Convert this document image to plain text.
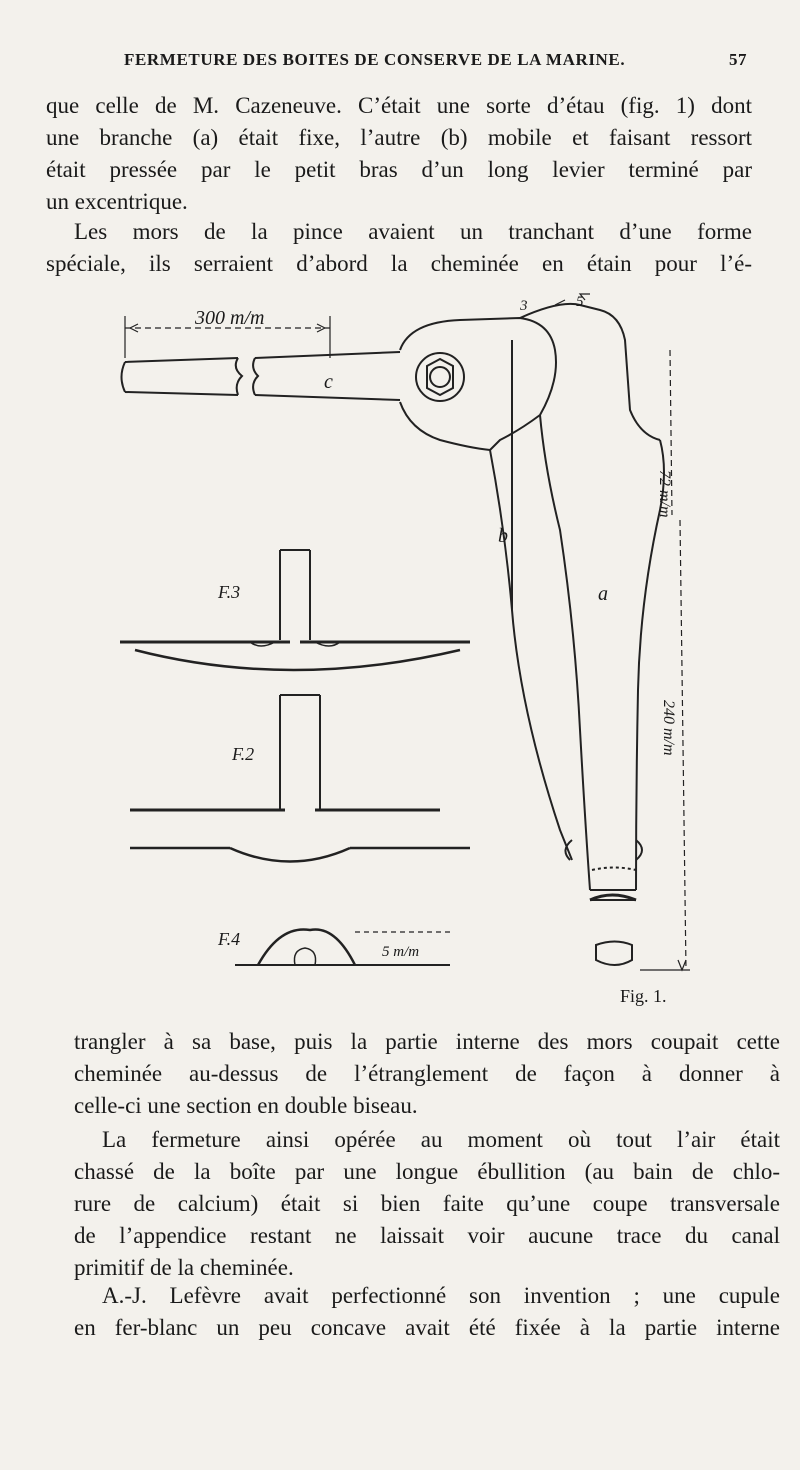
FERMETURE DES BOITES DE CONSERVE DE LA MARINE.	57

que celle de M. Cazeneuve. C’était une sorte d’étau (fig. 1) dont
une branche (a) était fixe, l’autre (b) mobile et faisant ressort
était pressée par le petit bras d’un long levier terminé par
un excentrique.

Les mors de la pince avaient un tranchant d’une forme
spéciale, ils serraient d’abord la cheminée en étain pour l’é-

300 m/m
c
b
a
3	5
72 m/m
240 m/m
F.3
F.2
F.4
5 m/m
Fig. 1.

trangler à sa base, puis la partie interne des mors coupait cette
cheminée au-dessus de l’étranglement de façon à donner à
celle-ci une section en double biseau.

La fermeture ainsi opérée au moment où tout l’air était
chassé de la boîte par une longue ébullition (au bain de chlo-
rure de calcium) était si bien faite qu’une coupe transversale
de l’appendice restant ne laissait voir aucune trace du canal
primitif de la cheminée.

A.-J. Lefèvre avait perfectionné son invention ; une cupule
en fer-blanc un peu concave avait été fixée à la partie interne
